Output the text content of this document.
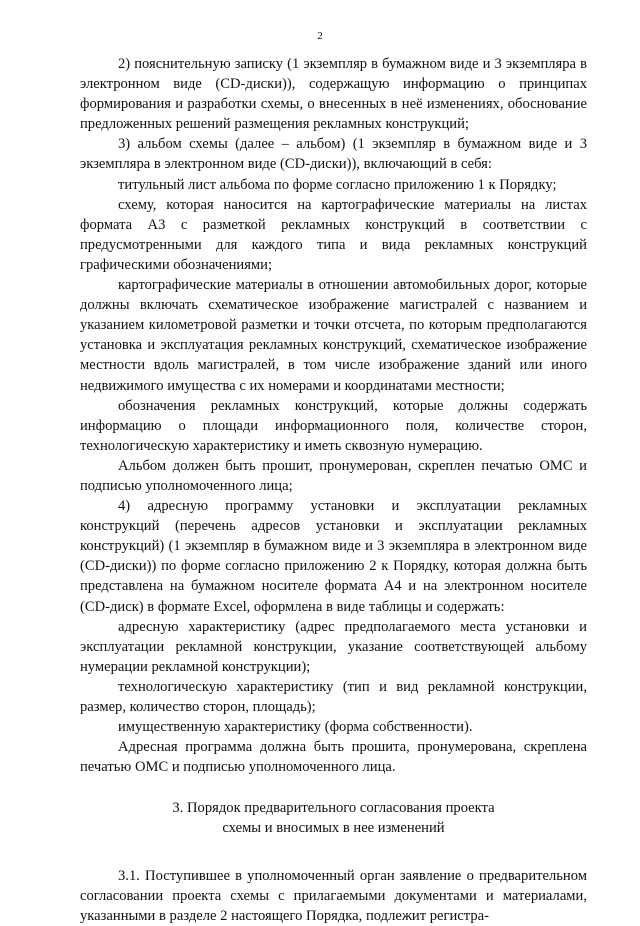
2

2) пояснительную записку (1 экземпляр в бумажном виде и 3 экземпляра в электронном виде (CD-диски)), содержащую информацию о принципах формирования и разработки схемы, о внесенных в неё изменениях, обоснование предложенных решений размещения рекламных конструкций;

3) альбом схемы (далее – альбом) (1 экземпляр в бумажном виде и 3 экземпляра в электронном виде (CD-диски)), включающий в себя:

титульный лист альбома по форме согласно приложению 1 к Порядку;

схему, которая наносится на картографические материалы на листах формата А3 с разметкой рекламных конструкций в соответствии с предусмотренными для каждого типа и вида рекламных конструкций графическими обозначениями;

картографические материалы в отношении автомобильных дорог, которые должны включать схематическое изображение магистралей с названием и указанием километровой разметки и точки отсчета, по которым предполагаются установка и эксплуатация рекламных конструкций, схематическое изображение местности вдоль магистралей, в том числе изображение зданий или иного недвижимого имущества с их номерами и координатами местности;

обозначения рекламных конструкций, которые должны содержать информацию о площади информационного поля, количестве сторон, технологическую характеристику и иметь сквозную нумерацию.

Альбом должен быть прошит, пронумерован, скреплен печатью ОМС и подписью уполномоченного лица;

4) адресную программу установки и эксплуатации рекламных конструкций (перечень адресов установки и эксплуатации рекламных конструкций) (1 экземпляр в бумажном виде и 3 экземпляра в электронном виде (CD-диски)) по форме согласно приложению 2 к Порядку, которая должна быть представлена на бумажном носителе формата А4 и на электронном носителе (CD-диск) в формате Excel, оформлена в виде таблицы и содержать:

адресную характеристику (адрес предполагаемого места установки и эксплуатации рекламной конструкции, указание соответствующей альбому нумерации рекламной конструкции);

технологическую характеристику (тип и вид рекламной конструкции, размер, количество сторон, площадь);

имущественную характеристику (форма собственности).

Адресная программа должна быть прошита, пронумерована, скреплена печатью ОМС и подписью уполномоченного лица.

3. Порядок предварительного согласования проекта
схемы и вносимых в нее изменений

3.1. Поступившее в уполномоченный орган заявление о предварительном согласовании проекта схемы с прилагаемыми документами и материалами, указанными в разделе 2 настоящего Порядка, подлежит регистра-
